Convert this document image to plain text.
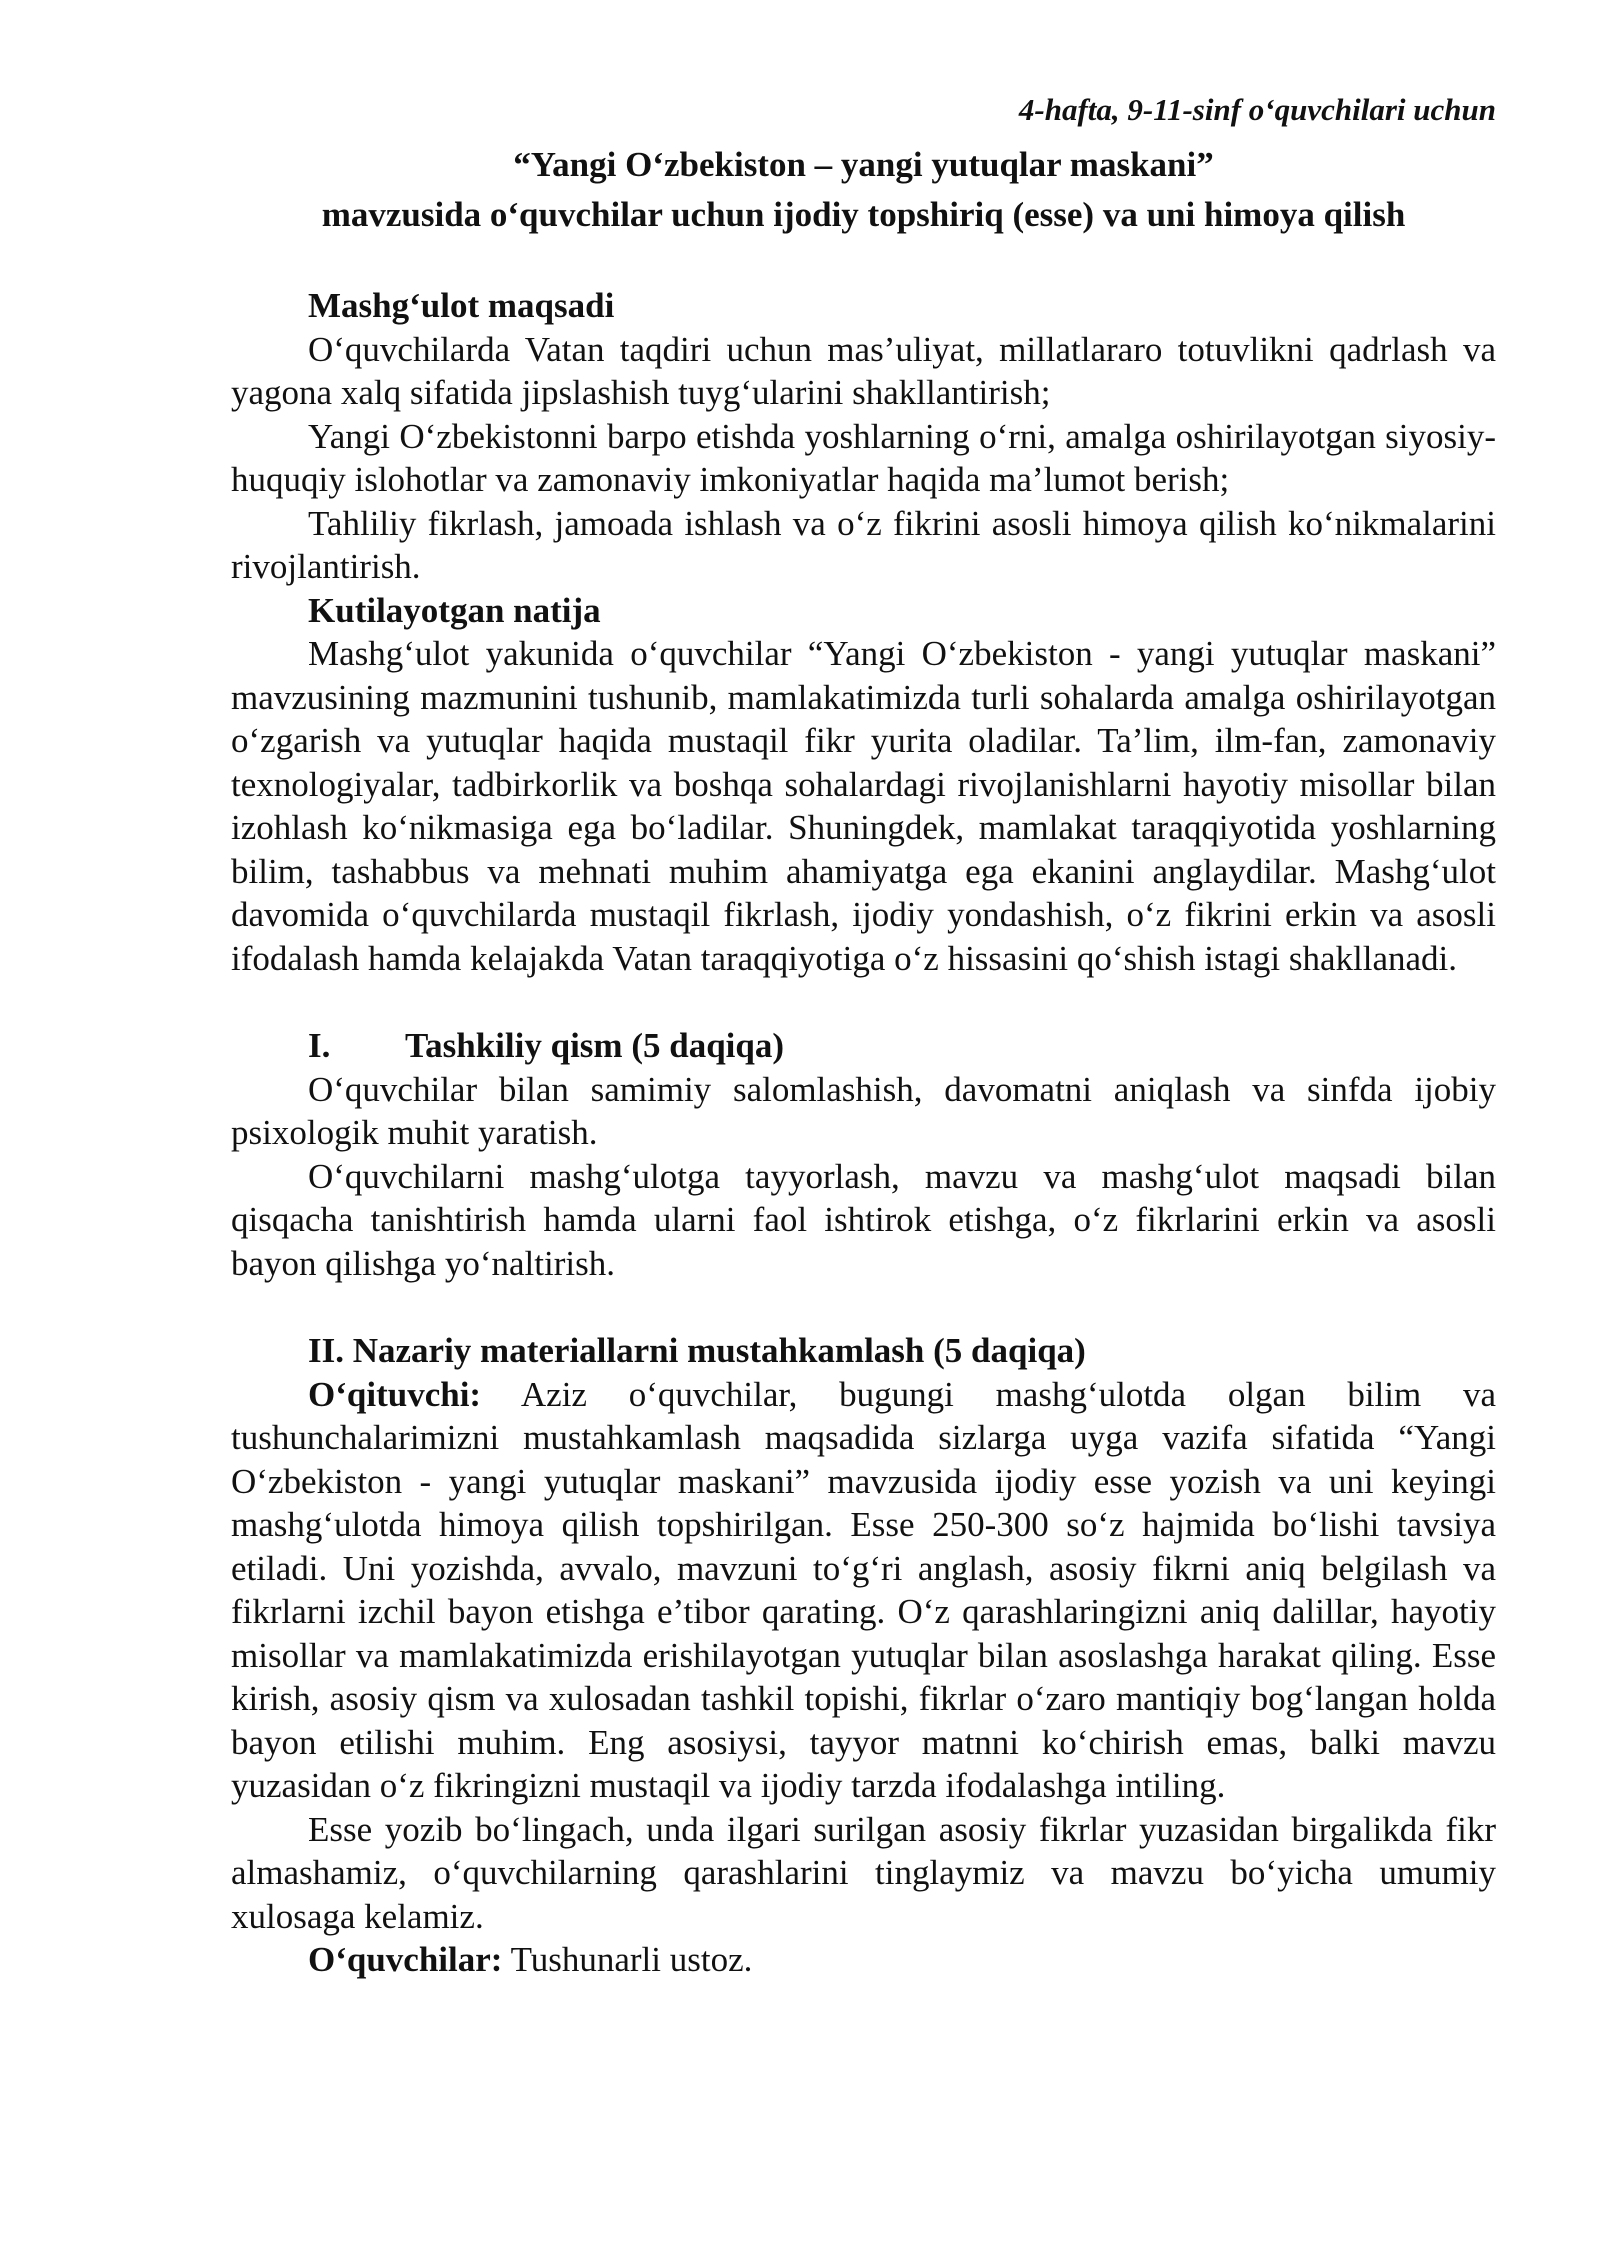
4-hafta, 9-11-sinf o‘quvchilari uchun

“Yangi O‘zbekiston – yangi yutuqlar maskani”
mavzusida o‘quvchilar uchun ijodiy topshiriq (esse) va uni himoya qilish

Mashg‘ulot maqsadi

O‘quvchilarda Vatan taqdiri uchun mas’uliyat, millatlararo totuvlikni qadrlash va yagona xalq sifatida jipslashish tuyg‘ularini shakllantirish;

Yangi O‘zbekistonni barpo etishda yoshlarning o‘rni, amalga oshirilayotgan siyosiy-huquqiy islohotlar va zamonaviy imkoniyatlar haqida ma’lumot berish;

Tahliliy fikrlash, jamoada ishlash va o‘z fikrini asosli himoya qilish ko‘nikmalarini rivojlantirish.

Kutilayotgan natija

Mashg‘ulot yakunida o‘quvchilar “Yangi O‘zbekiston - yangi yutuqlar maskani” mavzusining mazmunini tushunib, mamlakatimizda turli sohalarda amalga oshirilayotgan o‘zgarish va yutuqlar haqida mustaqil fikr yurita oladilar. Ta’lim, ilm-fan, zamonaviy texnologiyalar, tadbirkorlik va boshqa sohalardagi rivojlanishlarni hayotiy misollar bilan izohlash ko‘nikmasiga ega bo‘ladilar. Shuningdek, mamlakat taraqqiyotida yoshlarning bilim, tashabbus va mehnati muhim ahamiyatga ega ekanini anglaydilar. Mashg‘ulot davomida o‘quvchilarda mustaqil fikrlash, ijodiy yondashish, o‘z fikrini erkin va asosli ifodalash hamda kelajakda Vatan taraqqiyotiga o‘z hissasini qo‘shish istagi shakllanadi.

I. Tashkiliy qism (5 daqiqa)

O‘quvchilar bilan samimiy salomlashish, davomatni aniqlash va sinfda ijobiy psixologik muhit yaratish.

O‘quvchilarni mashg‘ulotga tayyorlash, mavzu va mashg‘ulot maqsadi bilan qisqacha tanishtirish hamda ularni faol ishtirok etishga, o‘z fikrlarini erkin va asosli bayon qilishga yo‘naltirish.

II. Nazariy materiallarni mustahkamlash (5 daqiqa)

O‘qituvchi: Aziz o‘quvchilar, bugungi mashg‘ulotda olgan bilim va tushunchalarimizni mustahkamlash maqsadida sizlarga uyga vazifa sifatida “Yangi O‘zbekiston - yangi yutuqlar maskani” mavzusida ijodiy esse yozish va uni keyingi mashg‘ulotda himoya qilish topshirilgan. Esse 250-300 so‘z hajmida bo‘lishi tavsiya etiladi. Uni yozishda, avvalo, mavzuni to‘g‘ri anglash, asosiy fikrni aniq belgilash va fikrlarni izchil bayon etishga e’tibor qarating. O‘z qarashlaringizni aniq dalillar, hayotiy misollar va mamlakatimizda erishilayotgan yutuqlar bilan asoslashga harakat qiling. Esse kirish, asosiy qism va xulosadan tashkil topishi, fikrlar o‘zaro mantiqiy bog‘langan holda bayon etilishi muhim. Eng asosiysi, tayyor matnni ko‘chirish emas, balki mavzu yuzasidan o‘z fikringizni mustaqil va ijodiy tarzda ifodalashga intiling.

Esse yozib bo‘lingach, unda ilgari surilgan asosiy fikrlar yuzasidan birgalikda fikr almashamiz, o‘quvchilarning qarashlarini tinglaymiz va mavzu bo‘yicha umumiy xulosaga kelamiz.

O‘quvchilar: Tushunarli ustoz.
